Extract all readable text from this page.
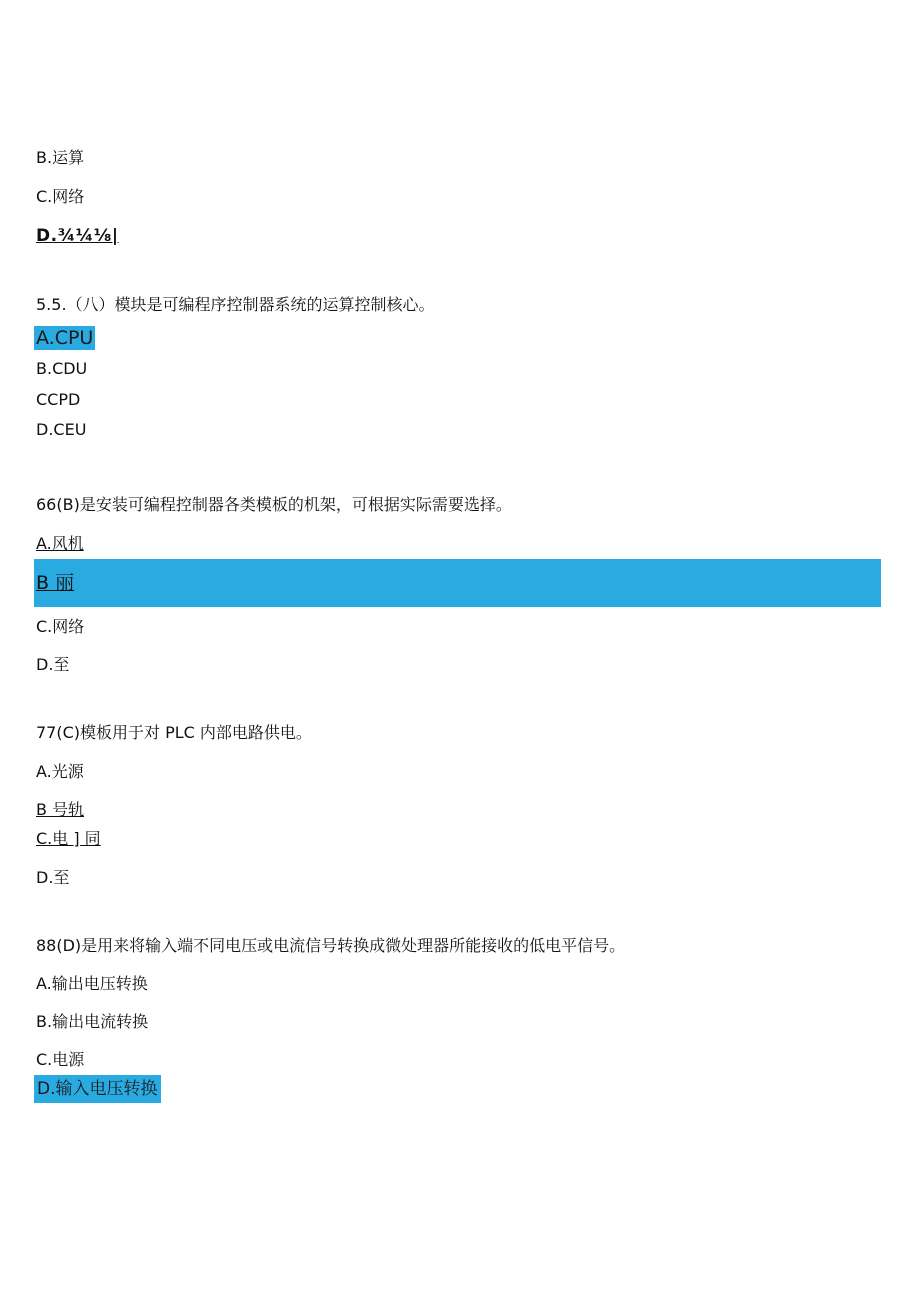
B.运算
C.网络
D.¾¼⅛|
5.5.（八）模块是可编程序控制器系统的运算控制核心。
A.CPU
B.CDU
CCPD
D.CEU
66(B)是安装可编程控制器各类模板的机架，可根据实际需要选择。
A.风机
B 丽
C.网络
D.至
77(C)模板用于对 PLC 内部电路供电。
A.光源
B 号轨
C.电 ] 同
D.至
88(D)是用来将输入端不同电压或电流信号转换成微处理器所能接收的低电平信号。
A.输出电压转换
B.输出电流转换
C.电源
D.输入电压转换
